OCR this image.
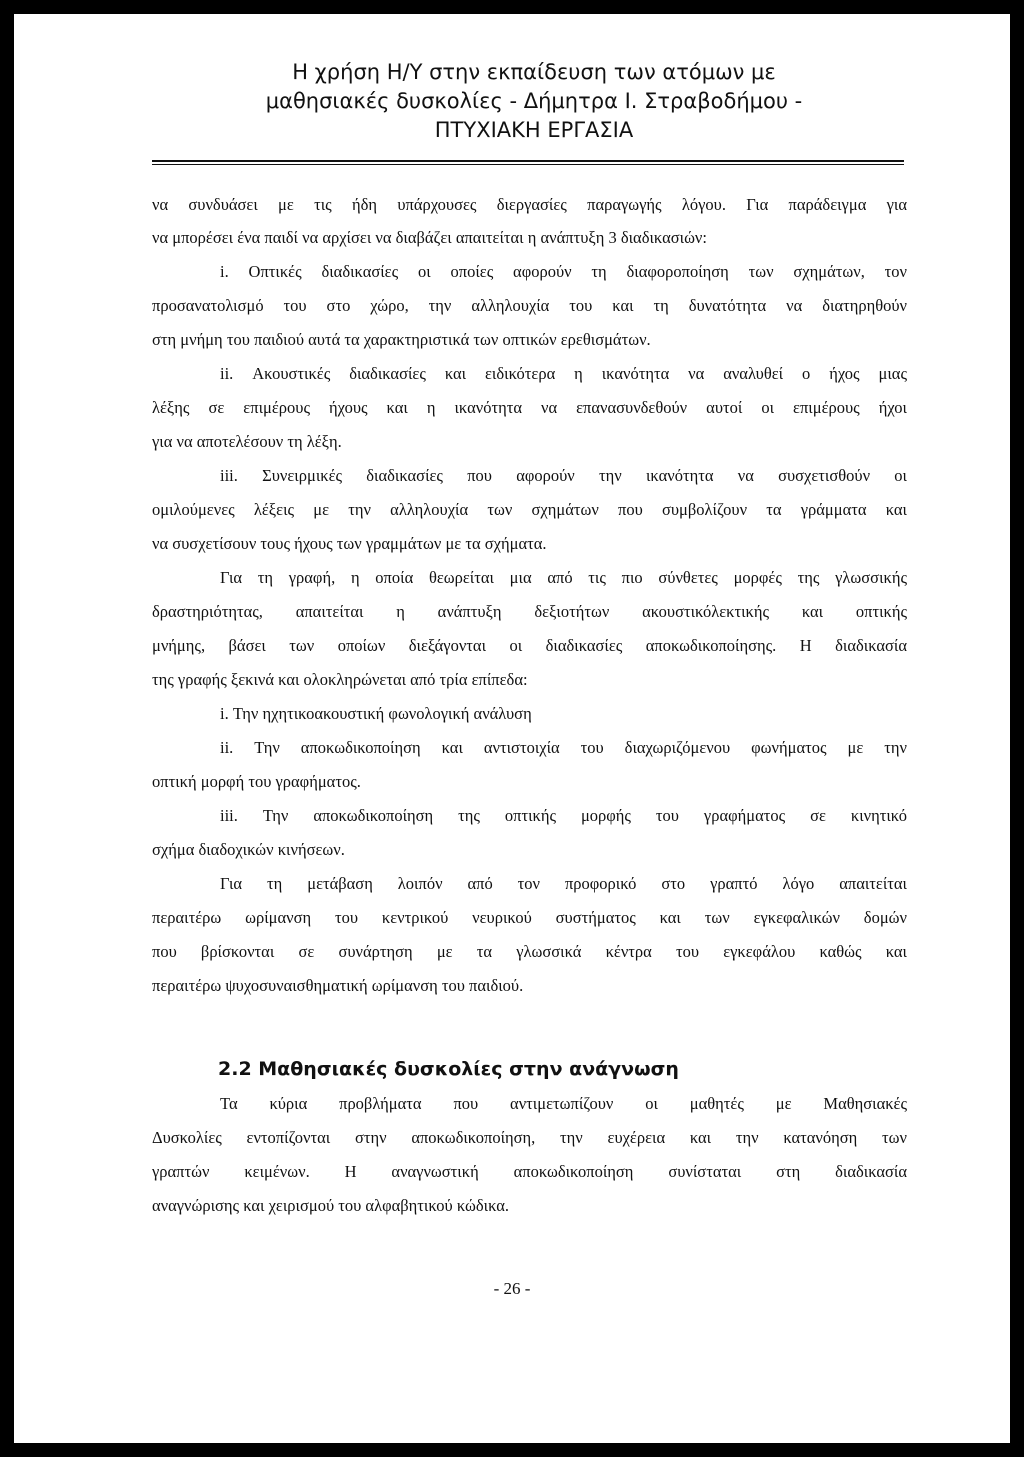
Η χρήση Η/Υ στην εκπαίδευση των ατόμων με
μαθησιακές δυσκολίες - Δήμητρα Ι. Στραβοδήμου -
ΠΤΥΧΙΑΚΗ ΕΡΓΑΣΙΑ
να συνδυάσει με τις ήδη υπάρχουσες διεργασίες παραγωγής λόγου. Για παράδειγμα για
να μπορέσει ένα παιδί να αρχίσει να διαβάζει απαιτείται η ανάπτυξη 3 διαδικασιών:
i. Οπτικές διαδικασίες οι οποίες αφορούν τη διαφοροποίηση των σχημάτων, τον
προσανατολισμό του στο χώρο, την αλληλουχία του και τη δυνατότητα να διατηρηθούν
στη μνήμη του παιδιού αυτά τα χαρακτηριστικά των οπτικών ερεθισμάτων.
ii. Ακουστικές διαδικασίες και ειδικότερα η ικανότητα να αναλυθεί ο ήχος μιας
λέξης σε επιμέρους ήχους και η ικανότητα να επανασυνδεθούν αυτοί οι επιμέρους ήχοι
για να αποτελέσουν τη λέξη.
iii. Συνειρμικές διαδικασίες που αφορούν την ικανότητα να συσχετισθούν οι
ομιλούμενες λέξεις με την αλληλουχία των σχημάτων που συμβολίζουν τα γράμματα και
να συσχετίσουν τους ήχους των γραμμάτων με τα σχήματα.
Για τη γραφή, η οποία θεωρείται μια από τις πιο σύνθετες μορφές της γλωσσικής
δραστηριότητας, απαιτείται η ανάπτυξη δεξιοτήτων ακουστικόλεκτικής και οπτικής
μνήμης, βάσει των οποίων διεξάγονται οι διαδικασίες αποκωδικοποίησης. Η διαδικασία
της γραφής ξεκινά και ολοκληρώνεται από τρία επίπεδα:
i. Την ηχητικοακουστική φωνολογική ανάλυση
ii. Την αποκωδικοποίηση και αντιστοιχία του διαχωριζόμενου φωνήματος με την
οπτική μορφή του γραφήματος.
iii. Την αποκωδικοποίηση της οπτικής μορφής του γραφήματος σε κινητικό
σχήμα διαδοχικών κινήσεων.
Για τη μετάβαση λοιπόν από τον προφορικό στο γραπτό λόγο απαιτείται
περαιτέρω ωρίμανση του κεντρικού νευρικού συστήματος και των εγκεφαλικών δομών
που βρίσκονται σε συνάρτηση με τα γλωσσικά κέντρα του εγκεφάλου καθώς και
περαιτέρω ψυχοσυναισθηματική ωρίμανση του παιδιού.
2.2 Μαθησιακές δυσκολίες στην ανάγνωση
Τα κύρια προβλήματα που αντιμετωπίζουν οι μαθητές με Μαθησιακές
Δυσκολίες εντοπίζονται στην αποκωδικοποίηση, την ευχέρεια και την κατανόηση των
γραπτών κειμένων. Η αναγνωστική αποκωδικοποίηση συνίσταται στη διαδικασία
αναγνώρισης και χειρισμού του αλφαβητικού κώδικα.
- 26 -
